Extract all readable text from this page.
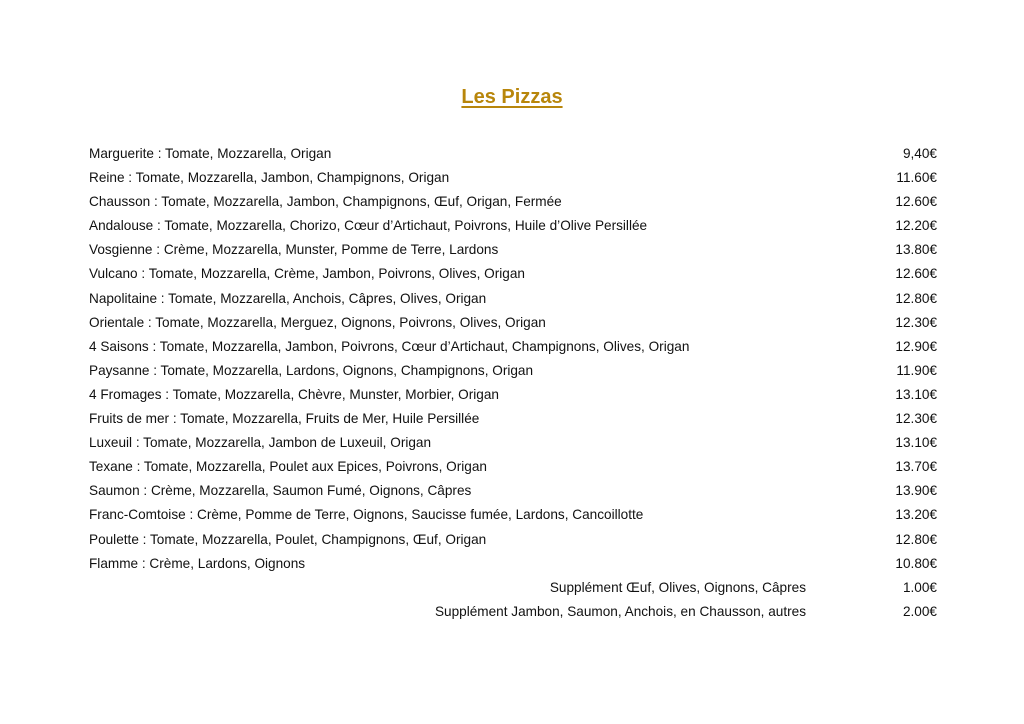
Les Pizzas
Marguerite : Tomate, Mozzarella, Origan	9,40€
Reine : Tomate, Mozzarella, Jambon, Champignons, Origan	11.60€
Chausson : Tomate, Mozzarella, Jambon, Champignons, Œuf, Origan, Fermée	12.60€
Andalouse : Tomate, Mozzarella, Chorizo, Cœur d’Artichaut, Poivrons, Huile d’Olive Persillée	12.20€
Vosgienne : Crème, Mozzarella, Munster, Pomme de Terre, Lardons	13.80€
Vulcano : Tomate, Mozzarella, Crème, Jambon, Poivrons, Olives, Origan	12.60€
Napolitaine : Tomate, Mozzarella, Anchois, Câpres, Olives, Origan	12.80€
Orientale : Tomate, Mozzarella, Merguez, Oignons, Poivrons, Olives, Origan	12.30€
4 Saisons : Tomate, Mozzarella, Jambon, Poivrons, Cœur d’Artichaut, Champignons, Olives, Origan	12.90€
Paysanne : Tomate, Mozzarella, Lardons, Oignons, Champignons, Origan	11.90€
4 Fromages : Tomate, Mozzarella, Chèvre, Munster, Morbier, Origan	13.10€
Fruits de mer : Tomate, Mozzarella, Fruits de Mer, Huile Persillée	12.30€
Luxeuil : Tomate, Mozzarella, Jambon de Luxeuil, Origan	13.10€
Texane : Tomate, Mozzarella, Poulet aux Epices, Poivrons, Origan	13.70€
Saumon : Crème, Mozzarella, Saumon Fumé, Oignons, Câpres	13.90€
Franc-Comtoise : Crème, Pomme de Terre, Oignons, Saucisse fumée, Lardons, Cancoillotte	13.20€
Poulette : Tomate, Mozzarella, Poulet, Champignons, Œuf, Origan	12.80€
Flamme : Crème, Lardons, Oignons	10.80€
Supplément Œuf, Olives, Oignons, Câpres	1.00€
Supplément Jambon, Saumon, Anchois, en Chausson, autres	2.00€
